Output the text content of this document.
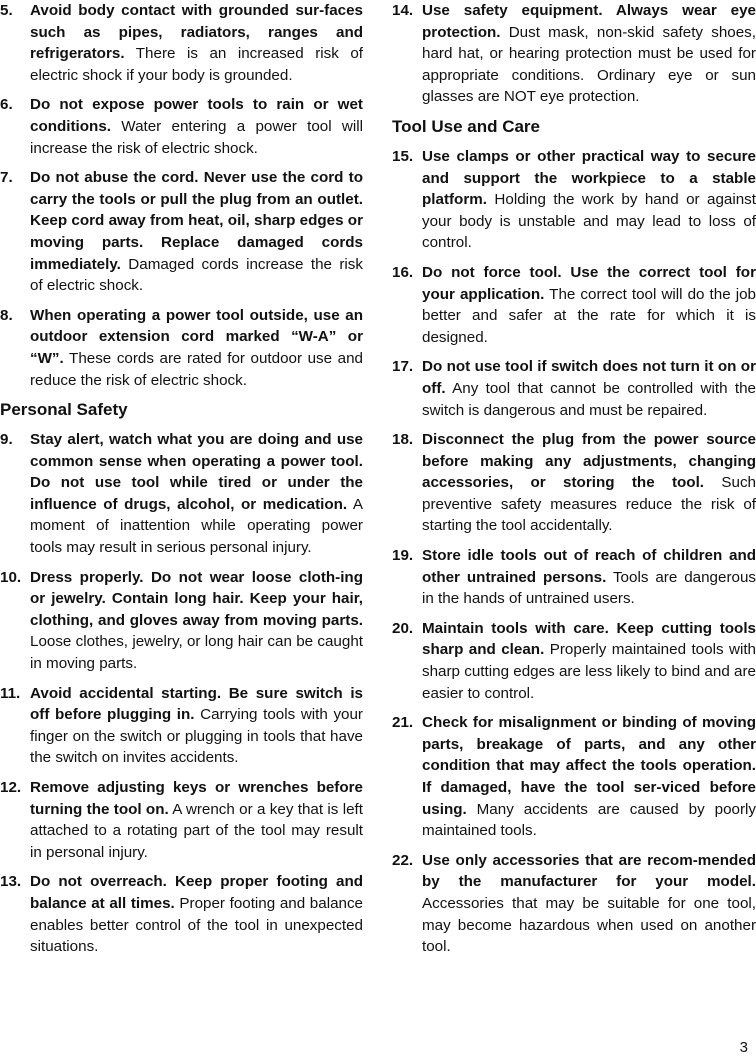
5. Avoid body contact with grounded sur-faces such as pipes, radiators, ranges and refrigerators. There is an increased risk of electric shock if your body is grounded.
6. Do not expose power tools to rain or wet conditions. Water entering a power tool will increase the risk of electric shock.
7. Do not abuse the cord. Never use the cord to carry the tools or pull the plug from an outlet. Keep cord away from heat, oil, sharp edges or moving parts. Replace damaged cords immediately. Damaged cords increase the risk of electric shock.
8. When operating a power tool outside, use an outdoor extension cord marked “W-A” or “W”. These cords are rated for outdoor use and reduce the risk of electric shock.
Personal Safety
9. Stay alert, watch what you are doing and use common sense when operating a power tool. Do not use tool while tired or under the influence of drugs, alcohol, or medication. A moment of inattention while operating power tools may result in serious personal injury.
10. Dress properly. Do not wear loose cloth-ing or jewelry. Contain long hair. Keep your hair, clothing, and gloves away from moving parts. Loose clothes, jewelry, or long hair can be caught in moving parts.
11. Avoid accidental starting. Be sure switch is off before plugging in. Carrying tools with your finger on the switch or plugging in tools that have the switch on invites accidents.
12. Remove adjusting keys or wrenches before turning the tool on. A wrench or a key that is left attached to a rotating part of the tool may result in personal injury.
13. Do not overreach. Keep proper footing and balance at all times. Proper footing and balance enables better control of the tool in unexpected situations.
14. Use safety equipment. Always wear eye protection. Dust mask, non-skid safety shoes, hard hat, or hearing protection must be used for appropriate conditions. Ordinary eye or sun glasses are NOT eye protection.
Tool Use and Care
15. Use clamps or other practical way to secure and support the workpiece to a stable platform. Holding the work by hand or against your body is unstable and may lead to loss of control.
16. Do not force tool. Use the correct tool for your application. The correct tool will do the job better and safer at the rate for which it is designed.
17. Do not use tool if switch does not turn it on or off. Any tool that cannot be controlled with the switch is dangerous and must be repaired.
18. Disconnect the plug from the power source before making any adjustments, changing accessories, or storing the tool. Such preventive safety measures reduce the risk of starting the tool accidentally.
19. Store idle tools out of reach of children and other untrained persons. Tools are dangerous in the hands of untrained users.
20. Maintain tools with care. Keep cutting tools sharp and clean. Properly maintained tools with sharp cutting edges are less likely to bind and are easier to control.
21. Check for misalignment or binding of moving parts, breakage of parts, and any other condition that may affect the tools operation. If damaged, have the tool ser-viced before using. Many accidents are caused by poorly maintained tools.
22. Use only accessories that are recom-mended by the manufacturer for your model. Accessories that may be suitable for one tool, may become hazardous when used on another tool.
3
